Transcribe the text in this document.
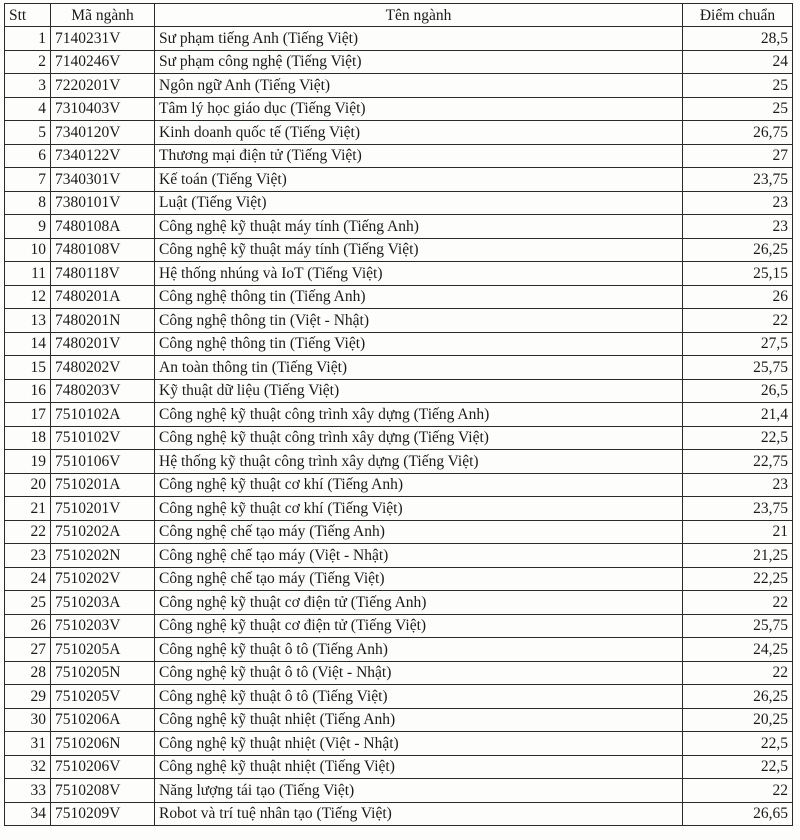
Stt	Mã ngành	Tên ngành	Điểm chuẩn
1	7140231V	Sư phạm tiếng Anh (Tiếng Việt)	28,5
2	7140246V	Sư phạm công nghệ (Tiếng Việt)	24
3	7220201V	Ngôn ngữ Anh (Tiếng Việt)	25
4	7310403V	Tâm lý học giáo dục (Tiếng Việt)	25
5	7340120V	Kinh doanh quốc tế (Tiếng Việt)	26,75
6	7340122V	Thương mại điện tử (Tiếng Việt)	27
7	7340301V	Kế toán (Tiếng Việt)	23,75
8	7380101V	Luật (Tiếng Việt)	23
9	7480108A	Công nghệ kỹ thuật máy tính (Tiếng Anh)	23
10	7480108V	Công nghệ kỹ thuật máy tính (Tiếng Việt)	26,25
11	7480118V	Hệ thống nhúng và IoT (Tiếng Việt)	25,15
12	7480201A	Công nghệ thông tin (Tiếng Anh)	26
13	7480201N	Công nghệ thông tin (Việt - Nhật)	22
14	7480201V	Công nghệ thông tin (Tiếng Việt)	27,5
15	7480202V	An toàn thông tin (Tiếng Việt)	25,75
16	7480203V	Kỹ thuật dữ liệu (Tiếng Việt)	26,5
17	7510102A	Công nghệ kỹ thuật công trình xây dựng (Tiếng Anh)	21,4
18	7510102V	Công nghệ kỹ thuật công trình xây dựng (Tiếng Việt)	22,5
19	7510106V	Hệ thống kỹ thuật công trình xây dựng (Tiếng Việt)	22,75
20	7510201A	Công nghệ kỹ thuật cơ khí (Tiếng Anh)	23
21	7510201V	Công nghệ kỹ thuật cơ khí (Tiếng Việt)	23,75
22	7510202A	Công nghệ chế tạo máy (Tiếng Anh)	21
23	7510202N	Công nghệ chế tạo máy (Việt - Nhật)	21,25
24	7510202V	Công nghệ chế tạo máy (Tiếng Việt)	22,25
25	7510203A	Công nghệ kỹ thuật cơ điện tử (Tiếng Anh)	22
26	7510203V	Công nghệ kỹ thuật cơ điện tử (Tiếng Việt)	25,75
27	7510205A	Công nghệ kỹ thuật ô tô (Tiếng Anh)	24,25
28	7510205N	Công nghệ kỹ thuật ô tô (Việt - Nhật)	22
29	7510205V	Công nghệ kỹ thuật ô tô (Tiếng Việt)	26,25
30	7510206A	Công nghệ kỹ thuật nhiệt (Tiếng Anh)	20,25
31	7510206N	Công nghệ kỹ thuật nhiệt (Việt - Nhật)	22,5
32	7510206V	Công nghệ kỹ thuật nhiệt (Tiếng Việt)	22,5
33	7510208V	Năng lượng tái tạo (Tiếng Việt)	22
34	7510209V	Robot và trí tuệ nhân tạo (Tiếng Việt)	26,65
